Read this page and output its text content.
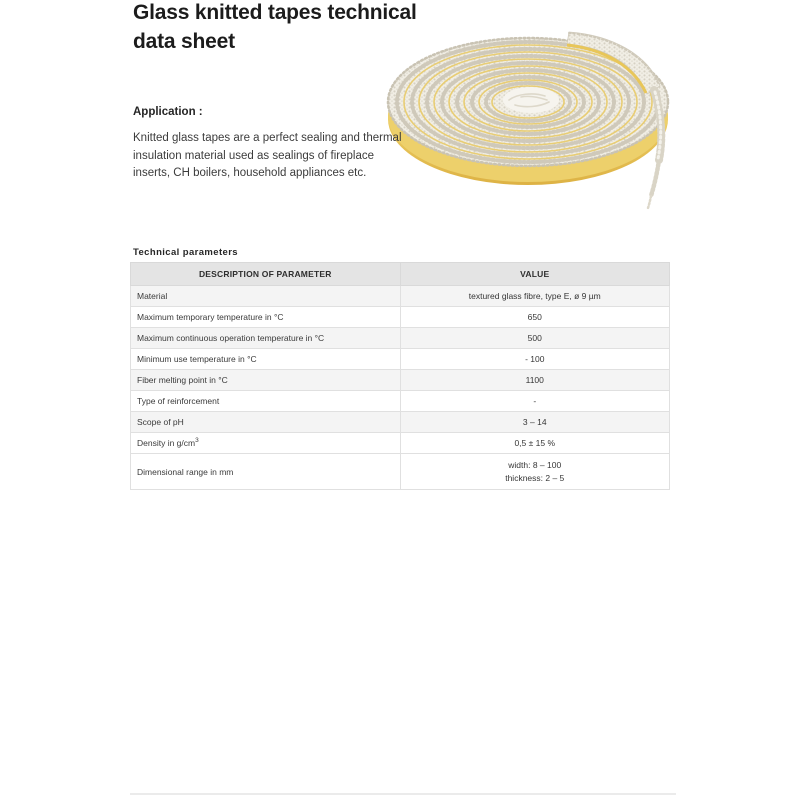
Glass knitted tapes technical
data sheet
Application :

Knitted glass tapes are a perfect sealing and thermal insulation material used as sealings of fireplace inserts, CH boilers, household appliances etc.

Technical parameters
DESCRIPTION OF PARAMETER	VALUE
Material	textured glass fibre, type E, ø 9 µm
Maximum temporary temperature in °C	650
Maximum continuous operation temperature in °C	500
Minimum use temperature in °C	- 100
Fiber melting point in °C	1100
Type of reinforcement	-
Scope of pH	3 – 14
Density in $g/cm^3$	0,5 ± 15 %
Dimensional range in mm	width: 8 – 100
thickness: 2 – 5
